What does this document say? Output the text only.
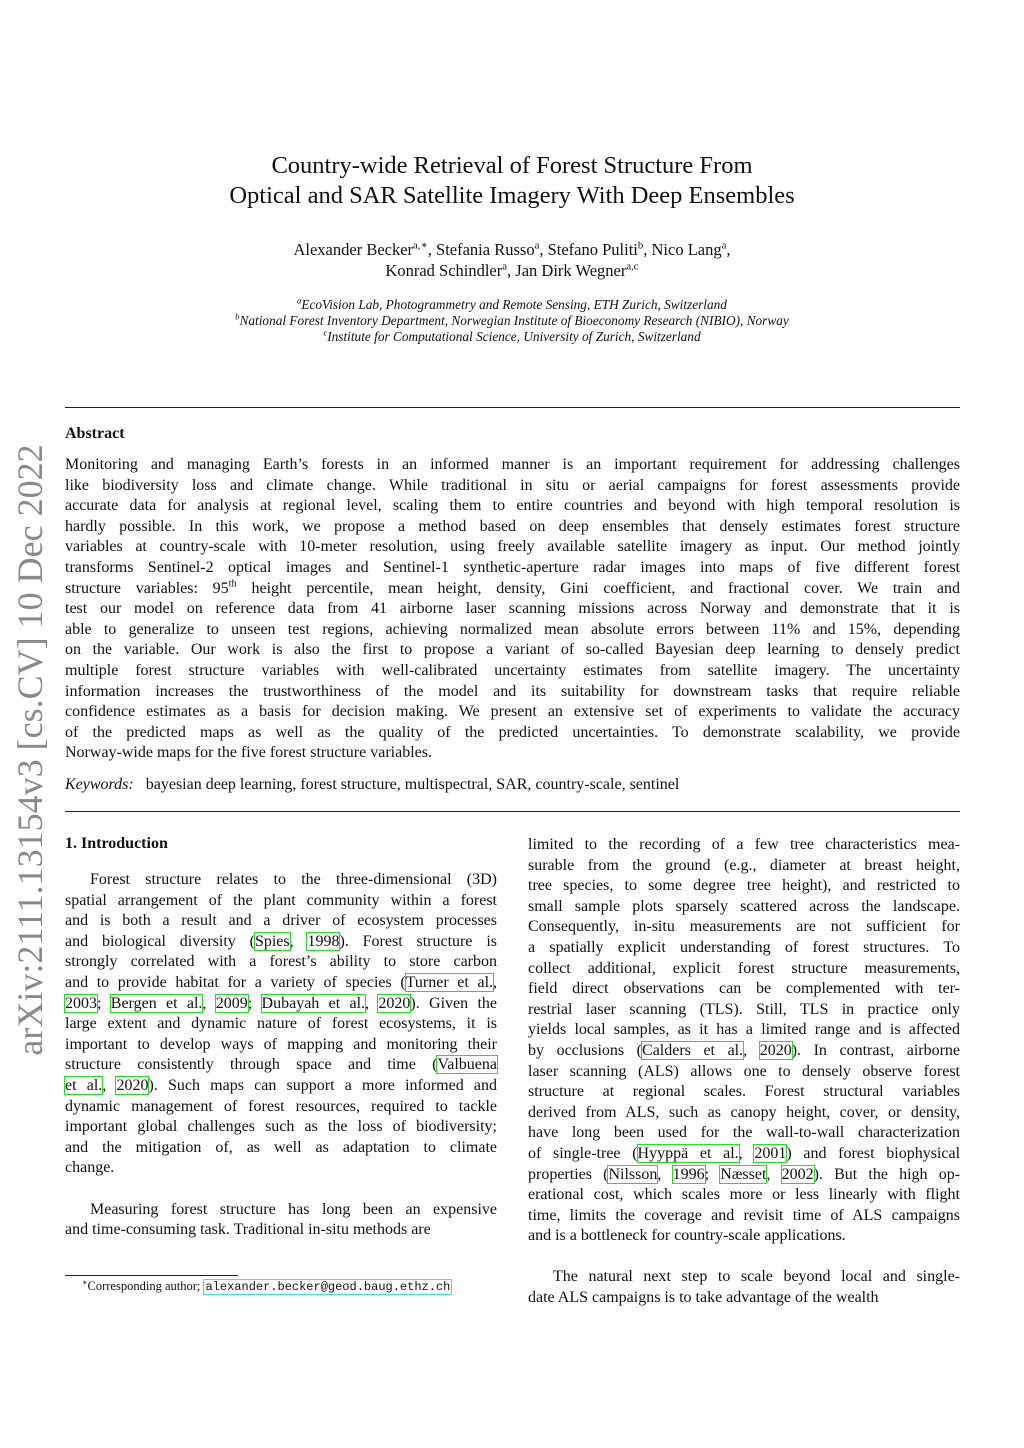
arXiv:2111.13154v3 [cs.CV] 10 Dec 2022
Country-wide Retrieval of Forest Structure From
Optical and SAR Satellite Imagery With Deep Ensembles
Alexander Becker$^{a,∗}$, Stefania Russo$^a$, Stefano Puliti$^b$, Nico Lang$^a$,
Konrad Schindler$^a$, Jan Dirk Wegner$^{a,c}$
$^a$EcoVision Lab, Photogrammetry and Remote Sensing, ETH Zurich, Switzerland
$^b$National Forest Inventory Department, Norwegian Institute of Bioeconomy Research (NIBIO), Norway
$^c$Institute for Computational Science, University of Zurich, Switzerland
Abstract
Monitoring and managing Earth’s forests in an informed manner is an important requirement for addressing challenges
like biodiversity loss and climate change. While traditional in situ or aerial campaigns for forest assessments provide
accurate data for analysis at regional level, scaling them to entire countries and beyond with high temporal resolution is
hardly possible. In this work, we propose a method based on deep ensembles that densely estimates forest structure
variables at country-scale with 10-meter resolution, using freely available satellite imagery as input. Our method jointly
transforms Sentinel-2 optical images and Sentinel-1 synthetic-aperture radar images into maps of five different forest
structure variables: 95th height percentile, mean height, density, Gini coefficient, and fractional cover. We train and
test our model on reference data from 41 airborne laser scanning missions across Norway and demonstrate that it is
able to generalize to unseen test regions, achieving normalized mean absolute errors between 11% and 15%, depending
on the variable. Our work is also the first to propose a variant of so-called Bayesian deep learning to densely predict
multiple forest structure variables with well-calibrated uncertainty estimates from satellite imagery. The uncertainty
information increases the trustworthiness of the model and its suitability for downstream tasks that require reliable
confidence estimates as a basis for decision making. We present an extensive set of experiments to validate the accuracy
of the predicted maps as well as the quality of the predicted uncertainties. To demonstrate scalability, we provide
Norway-wide maps for the five forest structure variables.
Keywords: bayesian deep learning, forest structure, multispectral, SAR, country-scale, sentinel
1. Introduction
Forest structure relates to the three-dimensional (3D)
spatial arrangement of the plant community within a forest
and is both a result and a driver of ecosystem processes
and biological diversity (Spies, 1998). Forest structure is
strongly correlated with a forest’s ability to store carbon
and to provide habitat for a variety of species (Turner et al.,
2003; Bergen et al., 2009; Dubayah et al., 2020). Given the
large extent and dynamic nature of forest ecosystems, it is
important to develop ways of mapping and monitoring their
structure consistently through space and time (Valbuena
et al., 2020). Such maps can support a more informed and
dynamic management of forest resources, required to tackle
important global challenges such as the loss of biodiversity;
and the mitigation of, as well as adaptation to climate
change.
Measuring forest structure has long been an expensive
and time-consuming task. Traditional in-situ methods are
limited to the recording of a few tree characteristics mea-
surable from the ground (e.g., diameter at breast height,
tree species, to some degree tree height), and restricted to
small sample plots sparsely scattered across the landscape.
Consequently, in-situ measurements are not sufficient for
a spatially explicit understanding of forest structures. To
collect additional, explicit forest structure measurements,
field direct observations can be complemented with ter-
restrial laser scanning (TLS). Still, TLS in practice only
yields local samples, as it has a limited range and is affected
by occlusions (Calders et al., 2020). In contrast, airborne
laser scanning (ALS) allows one to densely observe forest
structure at regional scales. Forest structural variables
derived from ALS, such as canopy height, cover, or density,
have long been used for the wall-to-wall characterization
of single-tree (Hyyppä et al., 2001) and forest biophysical
properties (Nilsson, 1996; Næsset, 2002). But the high op-
erational cost, which scales more or less linearly with flight
time, limits the coverage and revisit time of ALS campaigns
and is a bottleneck for country-scale applications.
The natural next step to scale beyond local and single-
date ALS campaigns is to take advantage of the wealth
∗Corresponding author; alexander.becker@geod.baug.ethz.ch
